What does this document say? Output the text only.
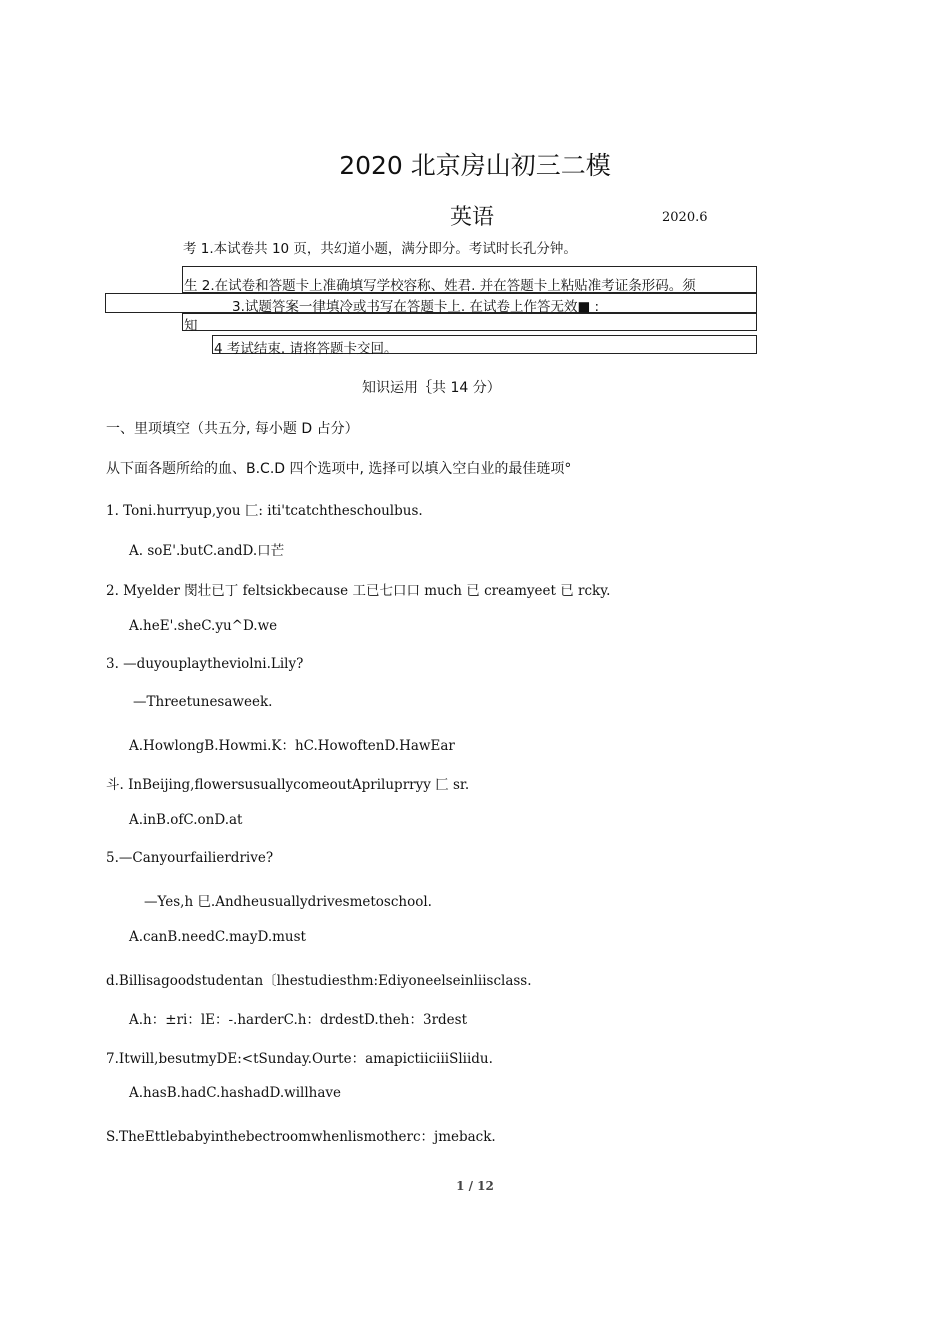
2020 北京房山初三二模
英语	2020.6
考 1.本试卷共 10 页，共幻道小题，满分即分。考试时长孔分钟。
生 2.在试卷和答题卡上准确填写学校容称、姓君. 并在答题卡上粘贴准考证条形码。须
3.试题答案一律填冷或书写在答题卡上. 在试卷上作答无效■ :
知
4 考试结束. 请将答题卡交回。
知识运用｛共 14 分）
一、里项填空（共五分, 每小题 D 占分）
从下面各题所给的血、B.C.D 四个选项中, 选择可以填入空白业的最佳琏项°
1. Toni.hurryup,you 匚: iti'tcatchtheschoulbus.
A. soE'.butC.andD.口芒
2. Myelder 閔壮已丁 feltsickbecause 工已七口口 much 已 creamyeet 已 rcky.
A.heE'.sheC.yu^D.we
3. —duyouplaytheviolni.Lily?
—Threetunesaweek.
A.HowlongB.Howmi.K：hC.HowoftenD.HawEar
斗. InBeijing,flowersusuallycomeoutApriluprryy 匚 sr.
A.inB.ofC.onD.at
5.—Canyourfailierdrive?
—Yes,h 巳.Andheusuallydrivesmetoschool.
A.canB.needC.mayD.must
d.Billisagoodstudentan〔lhestudiesthm:Ediyoneelseinliisclass.
A.h：±ri：lE：-.harderC.h：drdestD.theh：3rdest
7.Itwill,besutmyDE:<tSunday.Ourte：amapictiiciiiSliidu.
A.hasB.hadC.hashadD.willhave
S.TheEttlebabyinthebectroomwhenlismotherc：jmeback.
1 / 12
